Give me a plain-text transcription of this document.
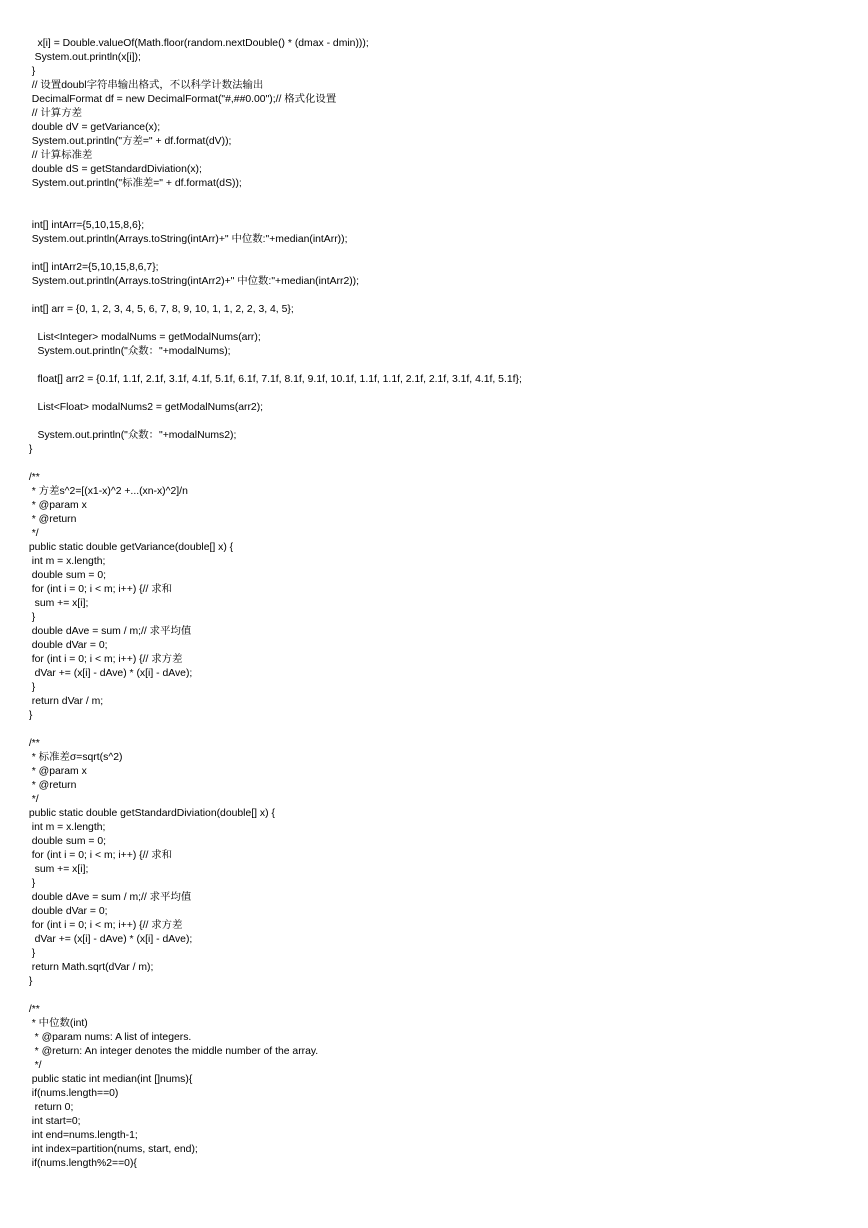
x[i] = Double.valueOf(Math.floor(random.nextDouble() * (dmax - dmin)));
System.out.println(x[i]);
}
// 设置doubl字符串输出格式，不以科学计数法输出
DecimalFormat df = new DecimalFormat("#,##0.00");// 格式化设置
// 计算方差
double dV = getVariance(x);
System.out.println("方差=" + df.format(dV));
// 计算标准差
double dS = getStandardDiviation(x);
System.out.println("标准差=" + df.format(dS));
int[] intArr={5,10,15,8,6};
System.out.println(Arrays.toString(intArr)+" 中位数:"+median(intArr));
int[] intArr2={5,10,15,8,6,7};
System.out.println(Arrays.toString(intArr2)+" 中位数:"+median(intArr2));
int[] arr = {0, 1, 2, 3, 4, 5, 6, 7, 8, 9, 10, 1, 1, 2, 2, 3, 4, 5};
List<Integer> modalNums = getModalNums(arr);
System.out.println("众数："+modalNums);
float[] arr2 = {0.1f, 1.1f, 2.1f, 3.1f, 4.1f, 5.1f, 6.1f, 7.1f, 8.1f, 9.1f, 10.1f, 1.1f, 1.1f, 2.1f, 2.1f, 3.1f, 4.1f, 5.1f};
List<Float> modalNums2 = getModalNums(arr2);
System.out.println("众数："+modalNums2);
}
/**
* 方差s^2=[(x1-x)^2 +...(xn-x)^2]/n
* @param x
* @return
*/
public static double getVariance(double[] x) {
int m = x.length;
double sum = 0;
for (int i = 0; i < m; i++) {// 求和
sum += x[i];
}
double dAve = sum / m;// 求平均值
double dVar = 0;
for (int i = 0; i < m; i++) {// 求方差
dVar += (x[i] - dAve) * (x[i] - dAve);
}
return dVar / m;
}
/**
* 标准差σ=sqrt(s^2)
* @param x
* @return
*/
public static double getStandardDiviation(double[] x) {
int m = x.length;
double sum = 0;
for (int i = 0; i < m; i++) {// 求和
sum += x[i];
}
double dAve = sum / m;// 求平均值
double dVar = 0;
for (int i = 0; i < m; i++) {// 求方差
dVar += (x[i] - dAve) * (x[i] - dAve);
}
return Math.sqrt(dVar / m);
}
/**
* 中位数(int)
* @param nums: A list of integers.
* @return: An integer denotes the middle number of the array.
*/
public static int median(int []nums){
if(nums.length==0)
return 0;
int start=0;
int end=nums.length-1;
int index=partition(nums, start, end);
if(nums.length%2==0){
